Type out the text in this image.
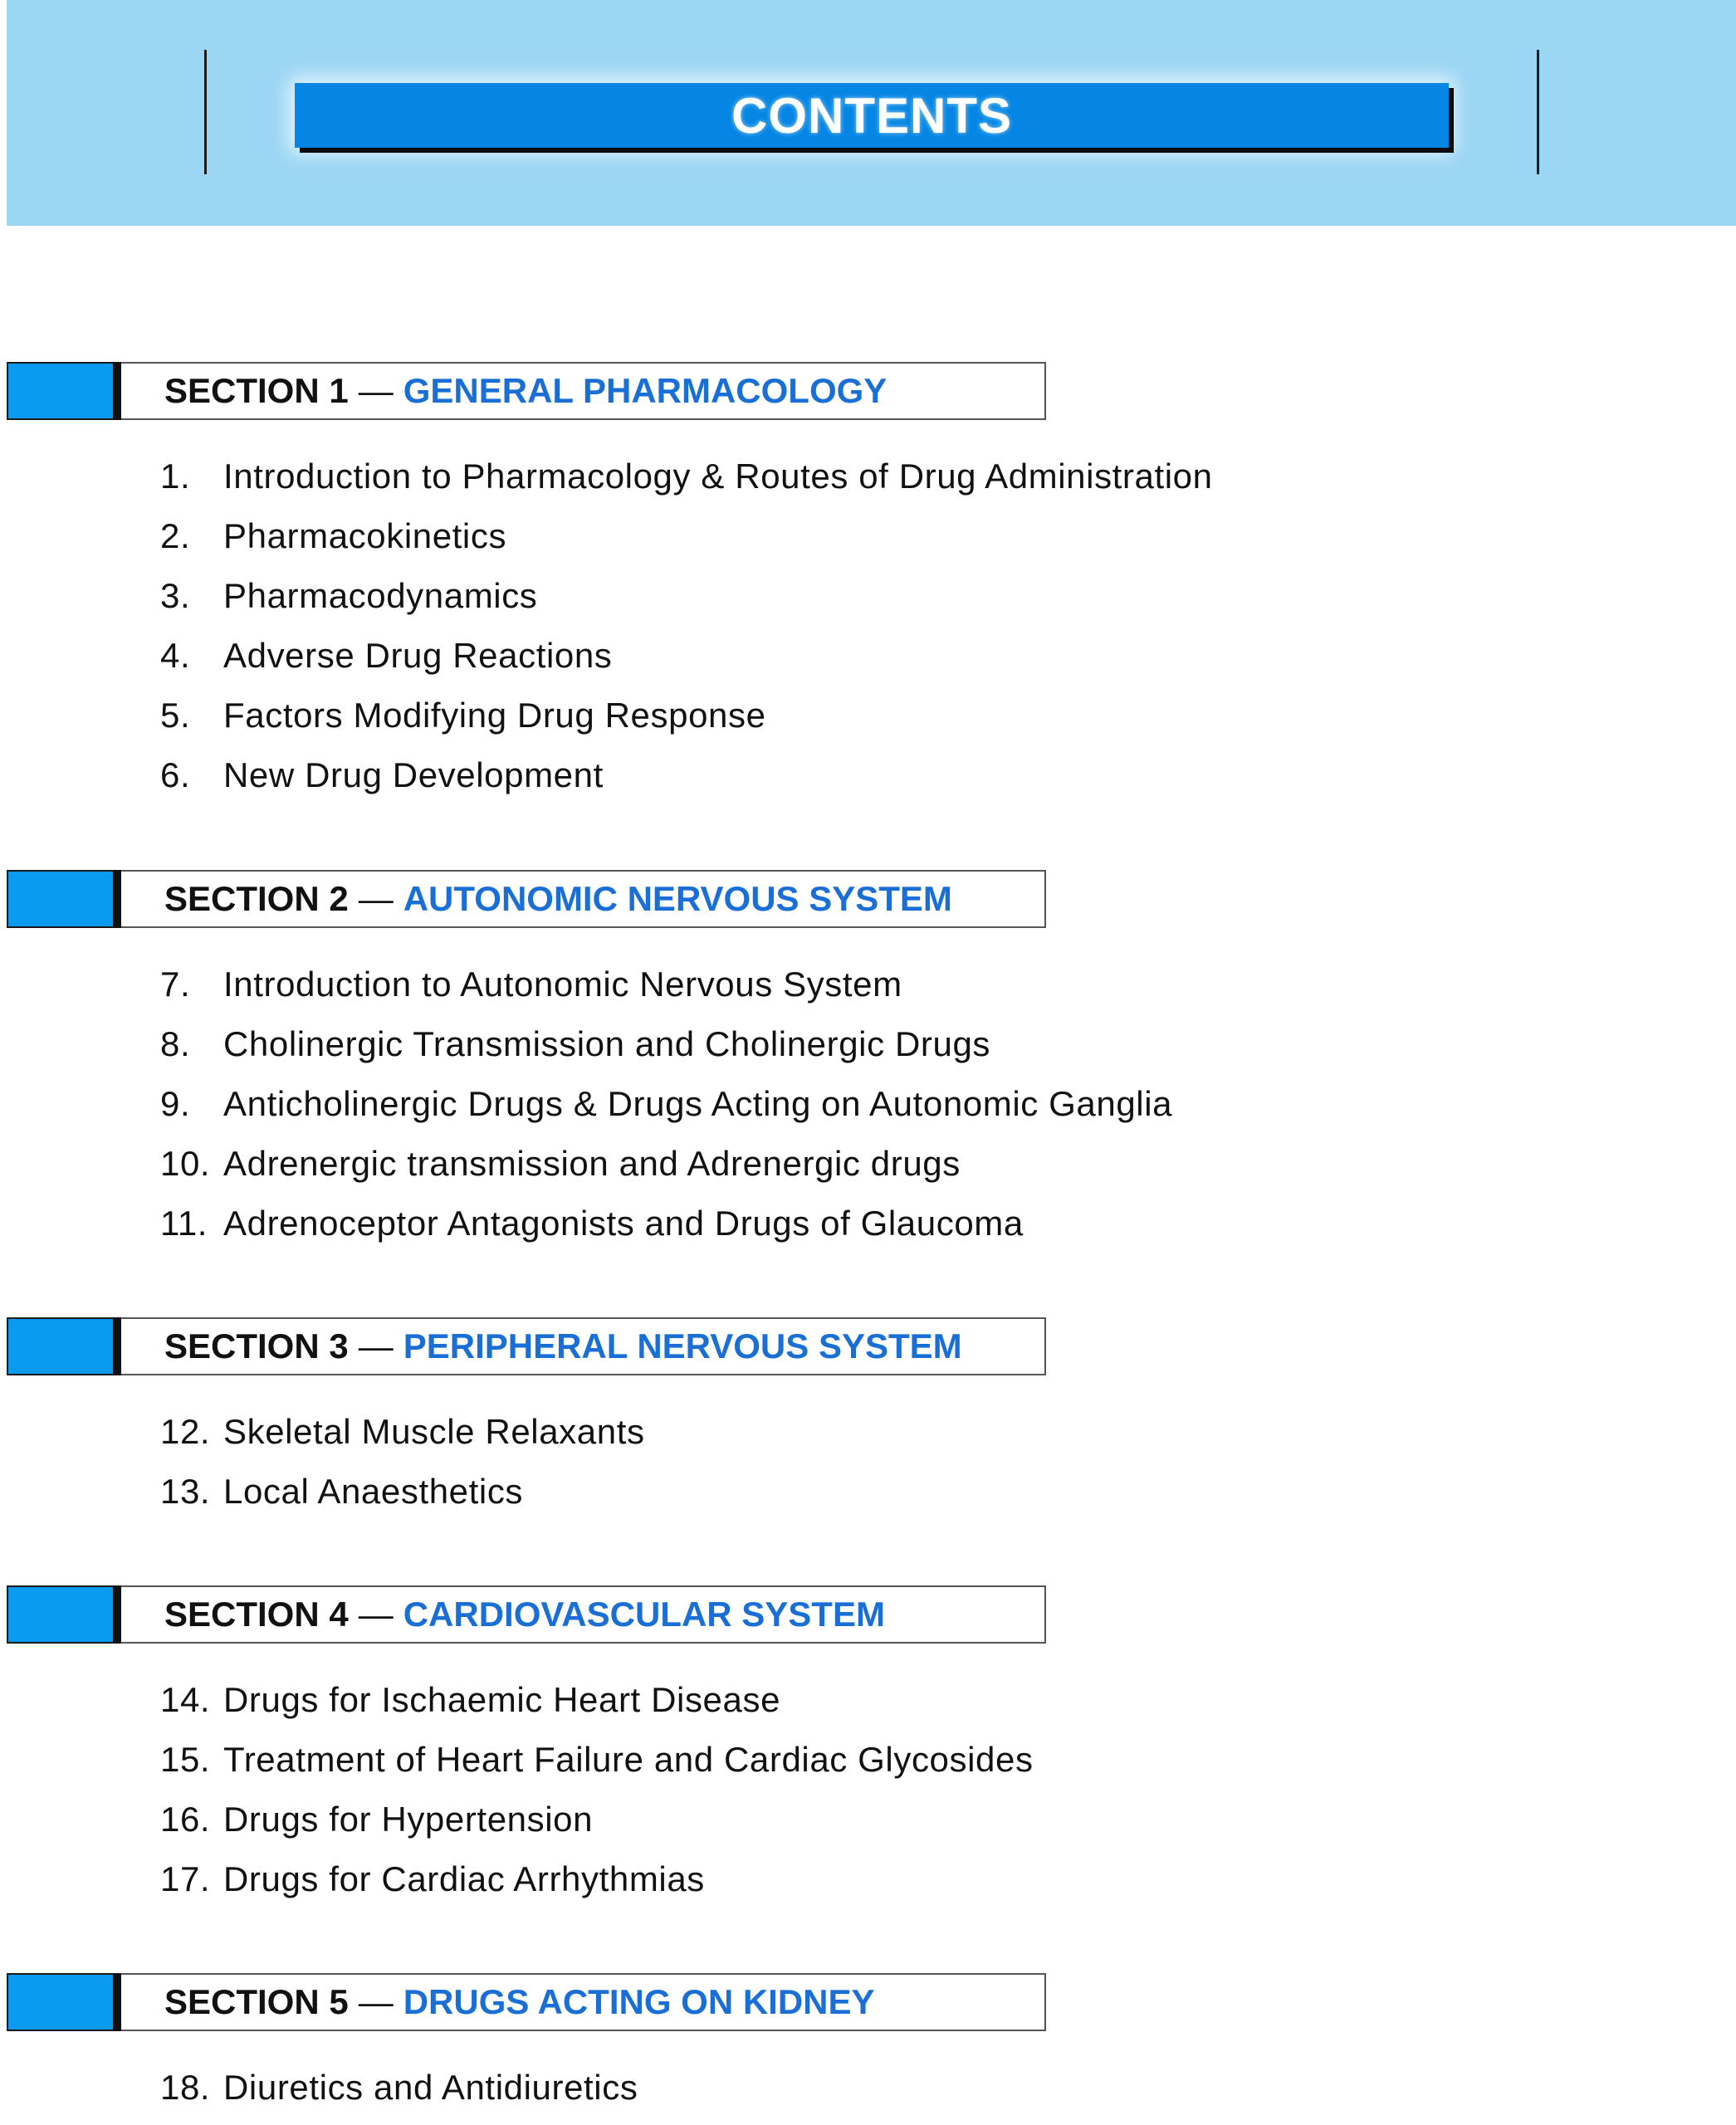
CONTENTS
SECTION 1 — GENERAL PHARMACOLOGY
1. Introduction to Pharmacology & Routes of Drug Administration
2. Pharmacokinetics
3. Pharmacodynamics
4. Adverse Drug Reactions
5. Factors Modifying Drug Response
6. New Drug Development
SECTION 2 — AUTONOMIC NERVOUS SYSTEM
7. Introduction to Autonomic Nervous System
8. Cholinergic Transmission and Cholinergic Drugs
9. Anticholinergic Drugs & Drugs Acting on Autonomic Ganglia
10. Adrenergic transmission and Adrenergic drugs
11. Adrenoceptor Antagonists and Drugs of Glaucoma
SECTION 3 — PERIPHERAL NERVOUS SYSTEM
12. Skeletal Muscle Relaxants
13. Local Anaesthetics
SECTION 4 — CARDIOVASCULAR SYSTEM
14. Drugs for Ischaemic Heart Disease
15. Treatment of Heart Failure and Cardiac Glycosides
16. Drugs for Hypertension
17. Drugs for Cardiac Arrhythmias
SECTION 5 — DRUGS ACTING ON KIDNEY
18. Diuretics and Antidiuretics
